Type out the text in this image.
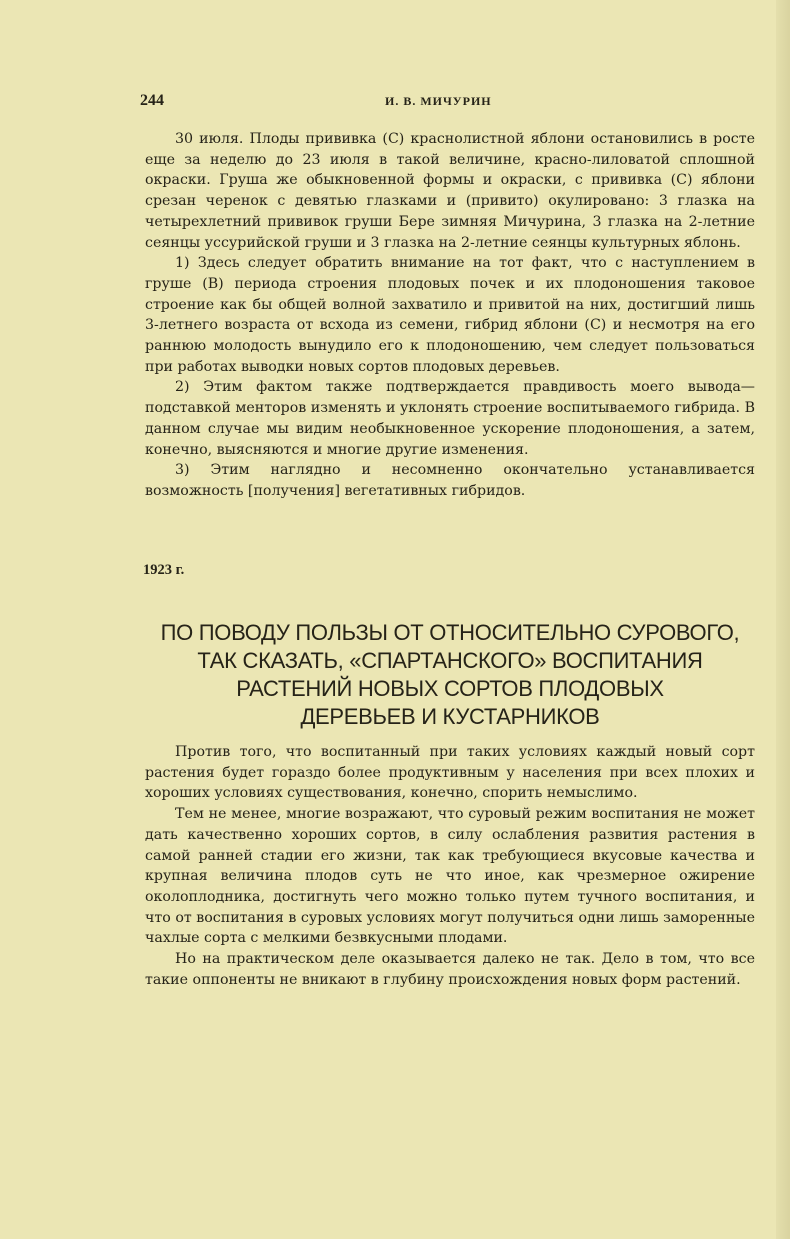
244	И. В. МИЧУРИН

30 июля. Плоды прививка (C) краснолистной яблони остановились в росте еще за неделю до 23 июля в такой величине, красно-лиловатой сплошной окраски. Груша же обыкновенной формы и окраски, с прививка (C) яблони срезан черенок с девятью глазками и (привито) окулировано: 3 глазка на четырехлетний прививок груши Бере зимняя Мичурина, 3 глазка на 2-летние сеянцы уссурийской груши и 3 глазка на 2-летние сеянцы культурных яблонь.

1) Здесь следует обратить внимание на тот факт, что с наступлением в груше (B) периода строения плодовых почек и их плодоношения таковое строение как бы общей волной захватило и привитой на них, достигший лишь 3-летнего возраста от всхода из семени, гибрид яблони (C) и несмотря на его раннюю молодость вынудило его к плодоношению, чем следует пользоваться при работах выводки новых сортов плодовых деревьев.

2) Этим фактом также подтверждается правдивость моего вывода— подставкой менторов изменять и уклонять строение воспитываемого гибрида. В данном случае мы видим необыкновенное ускорение плодоношения, а затем, конечно, выясняются и многие другие изменения.

3) Этим наглядно и несомненно окончательно устанавливается возможность [получения] вегетативных гибридов.

1923 г.
ПО ПОВОДУ ПОЛЬЗЫ ОТ ОТНОСИТЕЛЬНО СУРОВОГО,
ТАК СКАЗАТЬ, «СПАРТАНСКОГО» ВОСПИТАНИЯ
РАСТЕНИЙ НОВЫХ СОРТОВ ПЛОДОВЫХ
ДЕРЕВЬЕВ И КУСТАРНИКОВ

Против того, что воспитанный при таких условиях каждый новый сорт растения будет гораздо более продуктивным у населения при всех плохих и хороших условиях существования, конечно, спорить немыслимо.

Тем не менее, многие возражают, что суровый режим воспитания не может дать качественно хороших сортов, в силу ослабления развития растения в самой ранней стадии его жизни, так как требующиеся вкусовые качества и крупная величина плодов суть не что иное, как чрезмерное ожирение околоплодника, достигнуть чего можно только путем тучного воспитания, и что от воспитания в суровых условиях могут получиться одни лишь заморенные чахлые сорта с мелкими безвкусными плодами.

Но на практическом деле оказывается далеко не так. Дело в том, что все такие оппоненты не вникают в глубину происхождения новых форм растений.
